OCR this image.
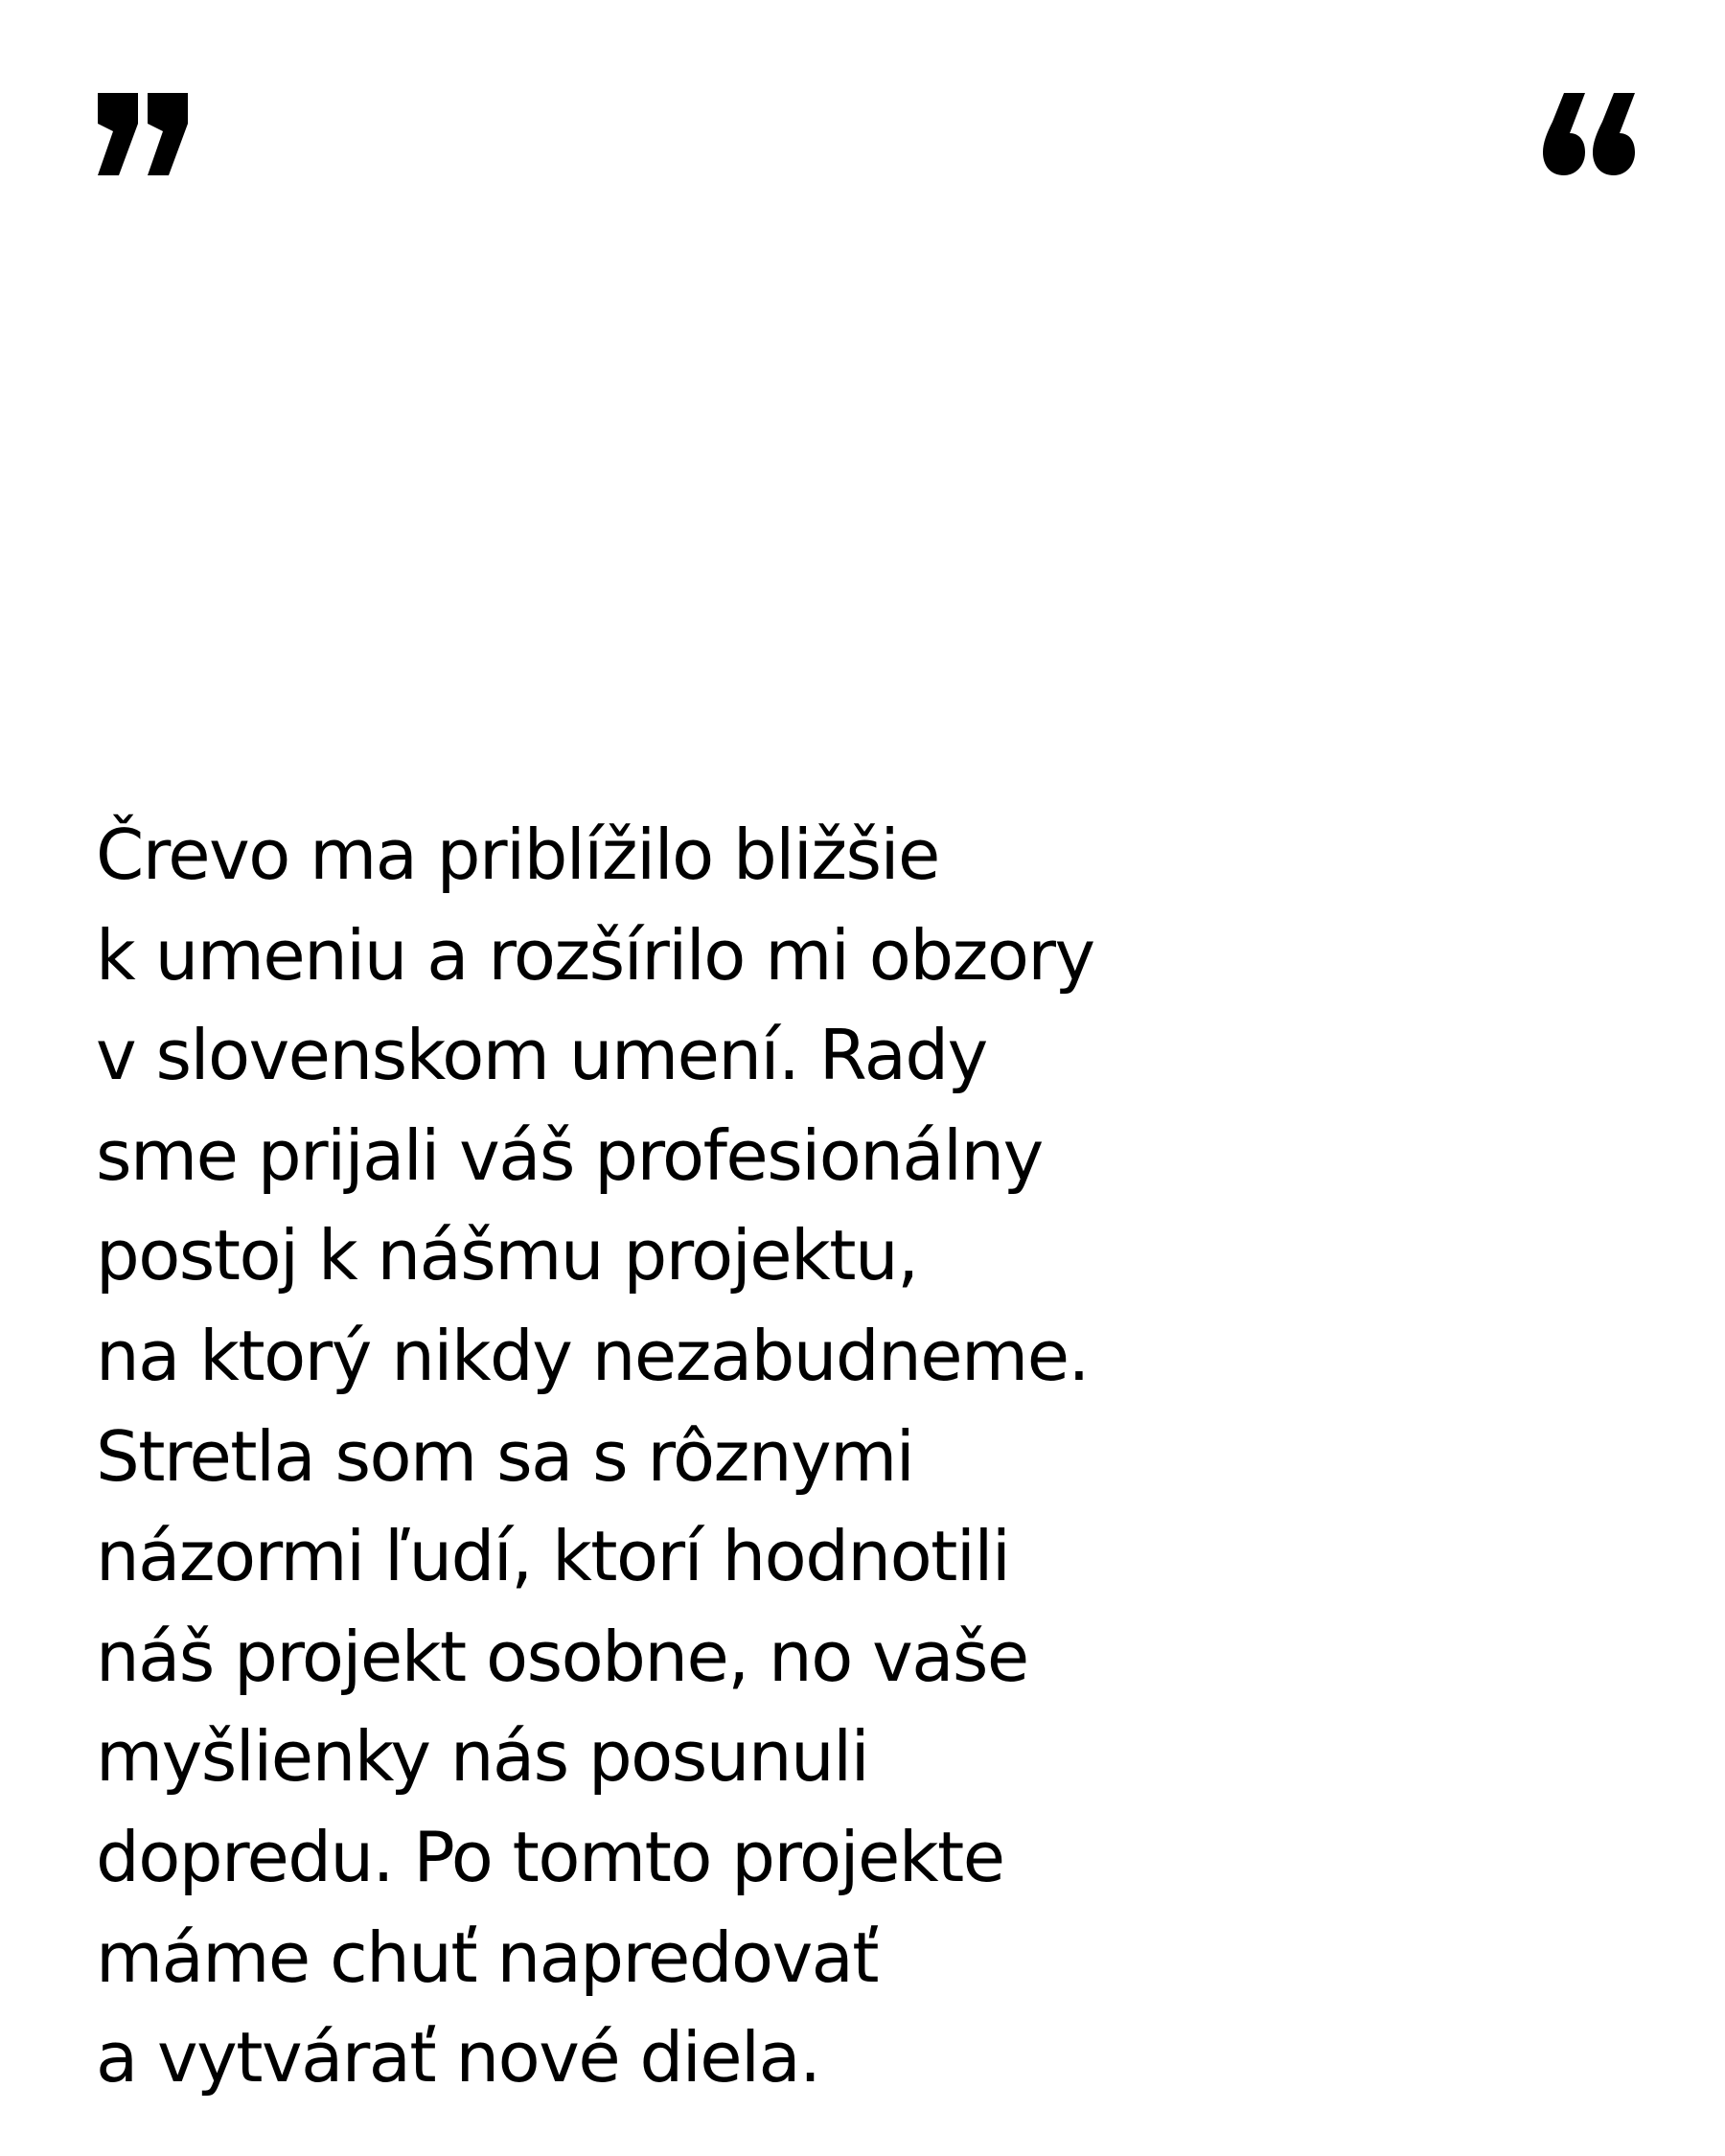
Črevo ma priblížilo bližšie
k umeniu a rozšírilo mi obzory
v slovenskom umení. Rady
sme prijali váš profesionálny
postoj k nášmu projektu,
na ktorý nikdy nezabudneme.
Stretla som sa s rôznymi
názormi ľudí, ktorí hodnotili
náš projekt osobne, no vaše
myšlienky nás posunuli
dopredu. Po tomto projekte
máme chuť napredovať
a vytvárať nové diela.
